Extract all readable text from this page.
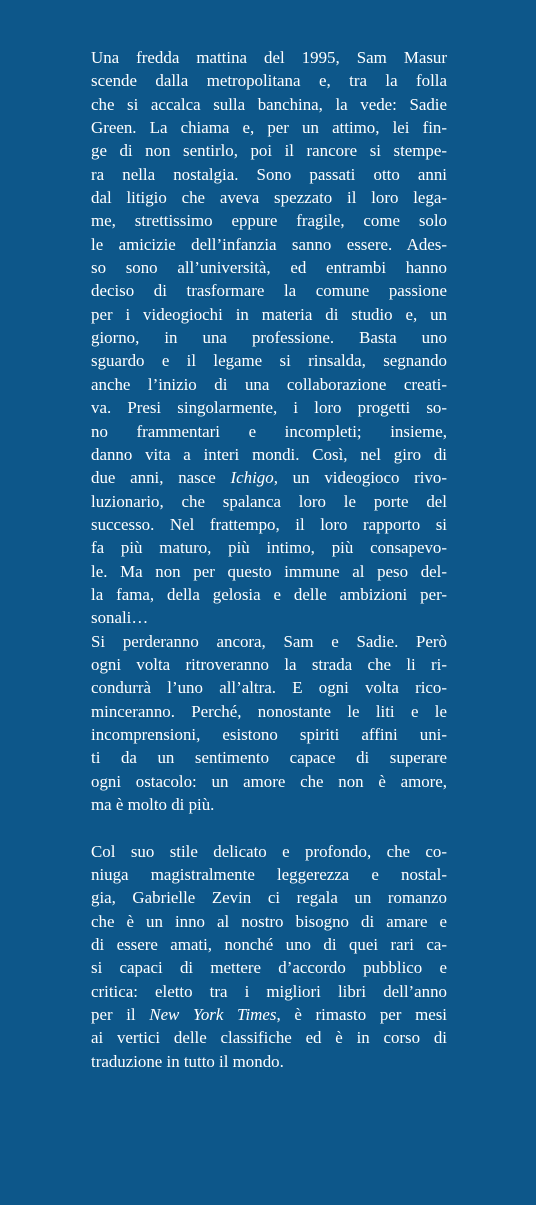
Una fredda mattina del 1995, Sam Masur
scende dalla metropolitana e, tra la folla
che si accalca sulla banchina, la vede: Sadie
Green. La chiama e, per un attimo, lei fin-
ge di non sentirlo, poi il rancore si stempe-
ra nella nostalgia. Sono passati otto anni
dal litigio che aveva spezzato il loro lega-
me, strettissimo eppure fragile, come solo
le amicizie dell’infanzia sanno essere. Ades-
so sono all’università, ed entrambi hanno
deciso di trasformare la comune passione
per i videogiochi in materia di studio e, un
giorno, in una professione. Basta uno
sguardo e il legame si rinsalda, segnando
anche l’inizio di una collaborazione creati-
va. Presi singolarmente, i loro progetti so-
no frammentari e incompleti; insieme,
danno vita a interi mondi. Così, nel giro di
due anni, nasce Ichigo, un videogioco rivo-
luzionario, che spalanca loro le porte del
successo. Nel frattempo, il loro rapporto si
fa più maturo, più intimo, più consapevo-
le. Ma non per questo immune al peso del-
la fama, della gelosia e delle ambizioni per-
sonali…
Si perderanno ancora, Sam e Sadie. Però
ogni volta ritroveranno la strada che li ri-
condurrà l’uno all’altra. E ogni volta rico-
minceranno. Perché, nonostante le liti e le
incomprensioni, esistono spiriti affini uni-
ti da un sentimento capace di superare
ogni ostacolo: un amore che non è amore,
ma è molto di più.
Col suo stile delicato e profondo, che co-
niuga magistralmente leggerezza e nostal-
gia, Gabrielle Zevin ci regala un romanzo
che è un inno al nostro bisogno di amare e
di essere amati, nonché uno di quei rari ca-
si capaci di mettere d’accordo pubblico e
critica: eletto tra i migliori libri dell’anno
per il New York Times, è rimasto per mesi
ai vertici delle classifiche ed è in corso di
traduzione in tutto il mondo.
